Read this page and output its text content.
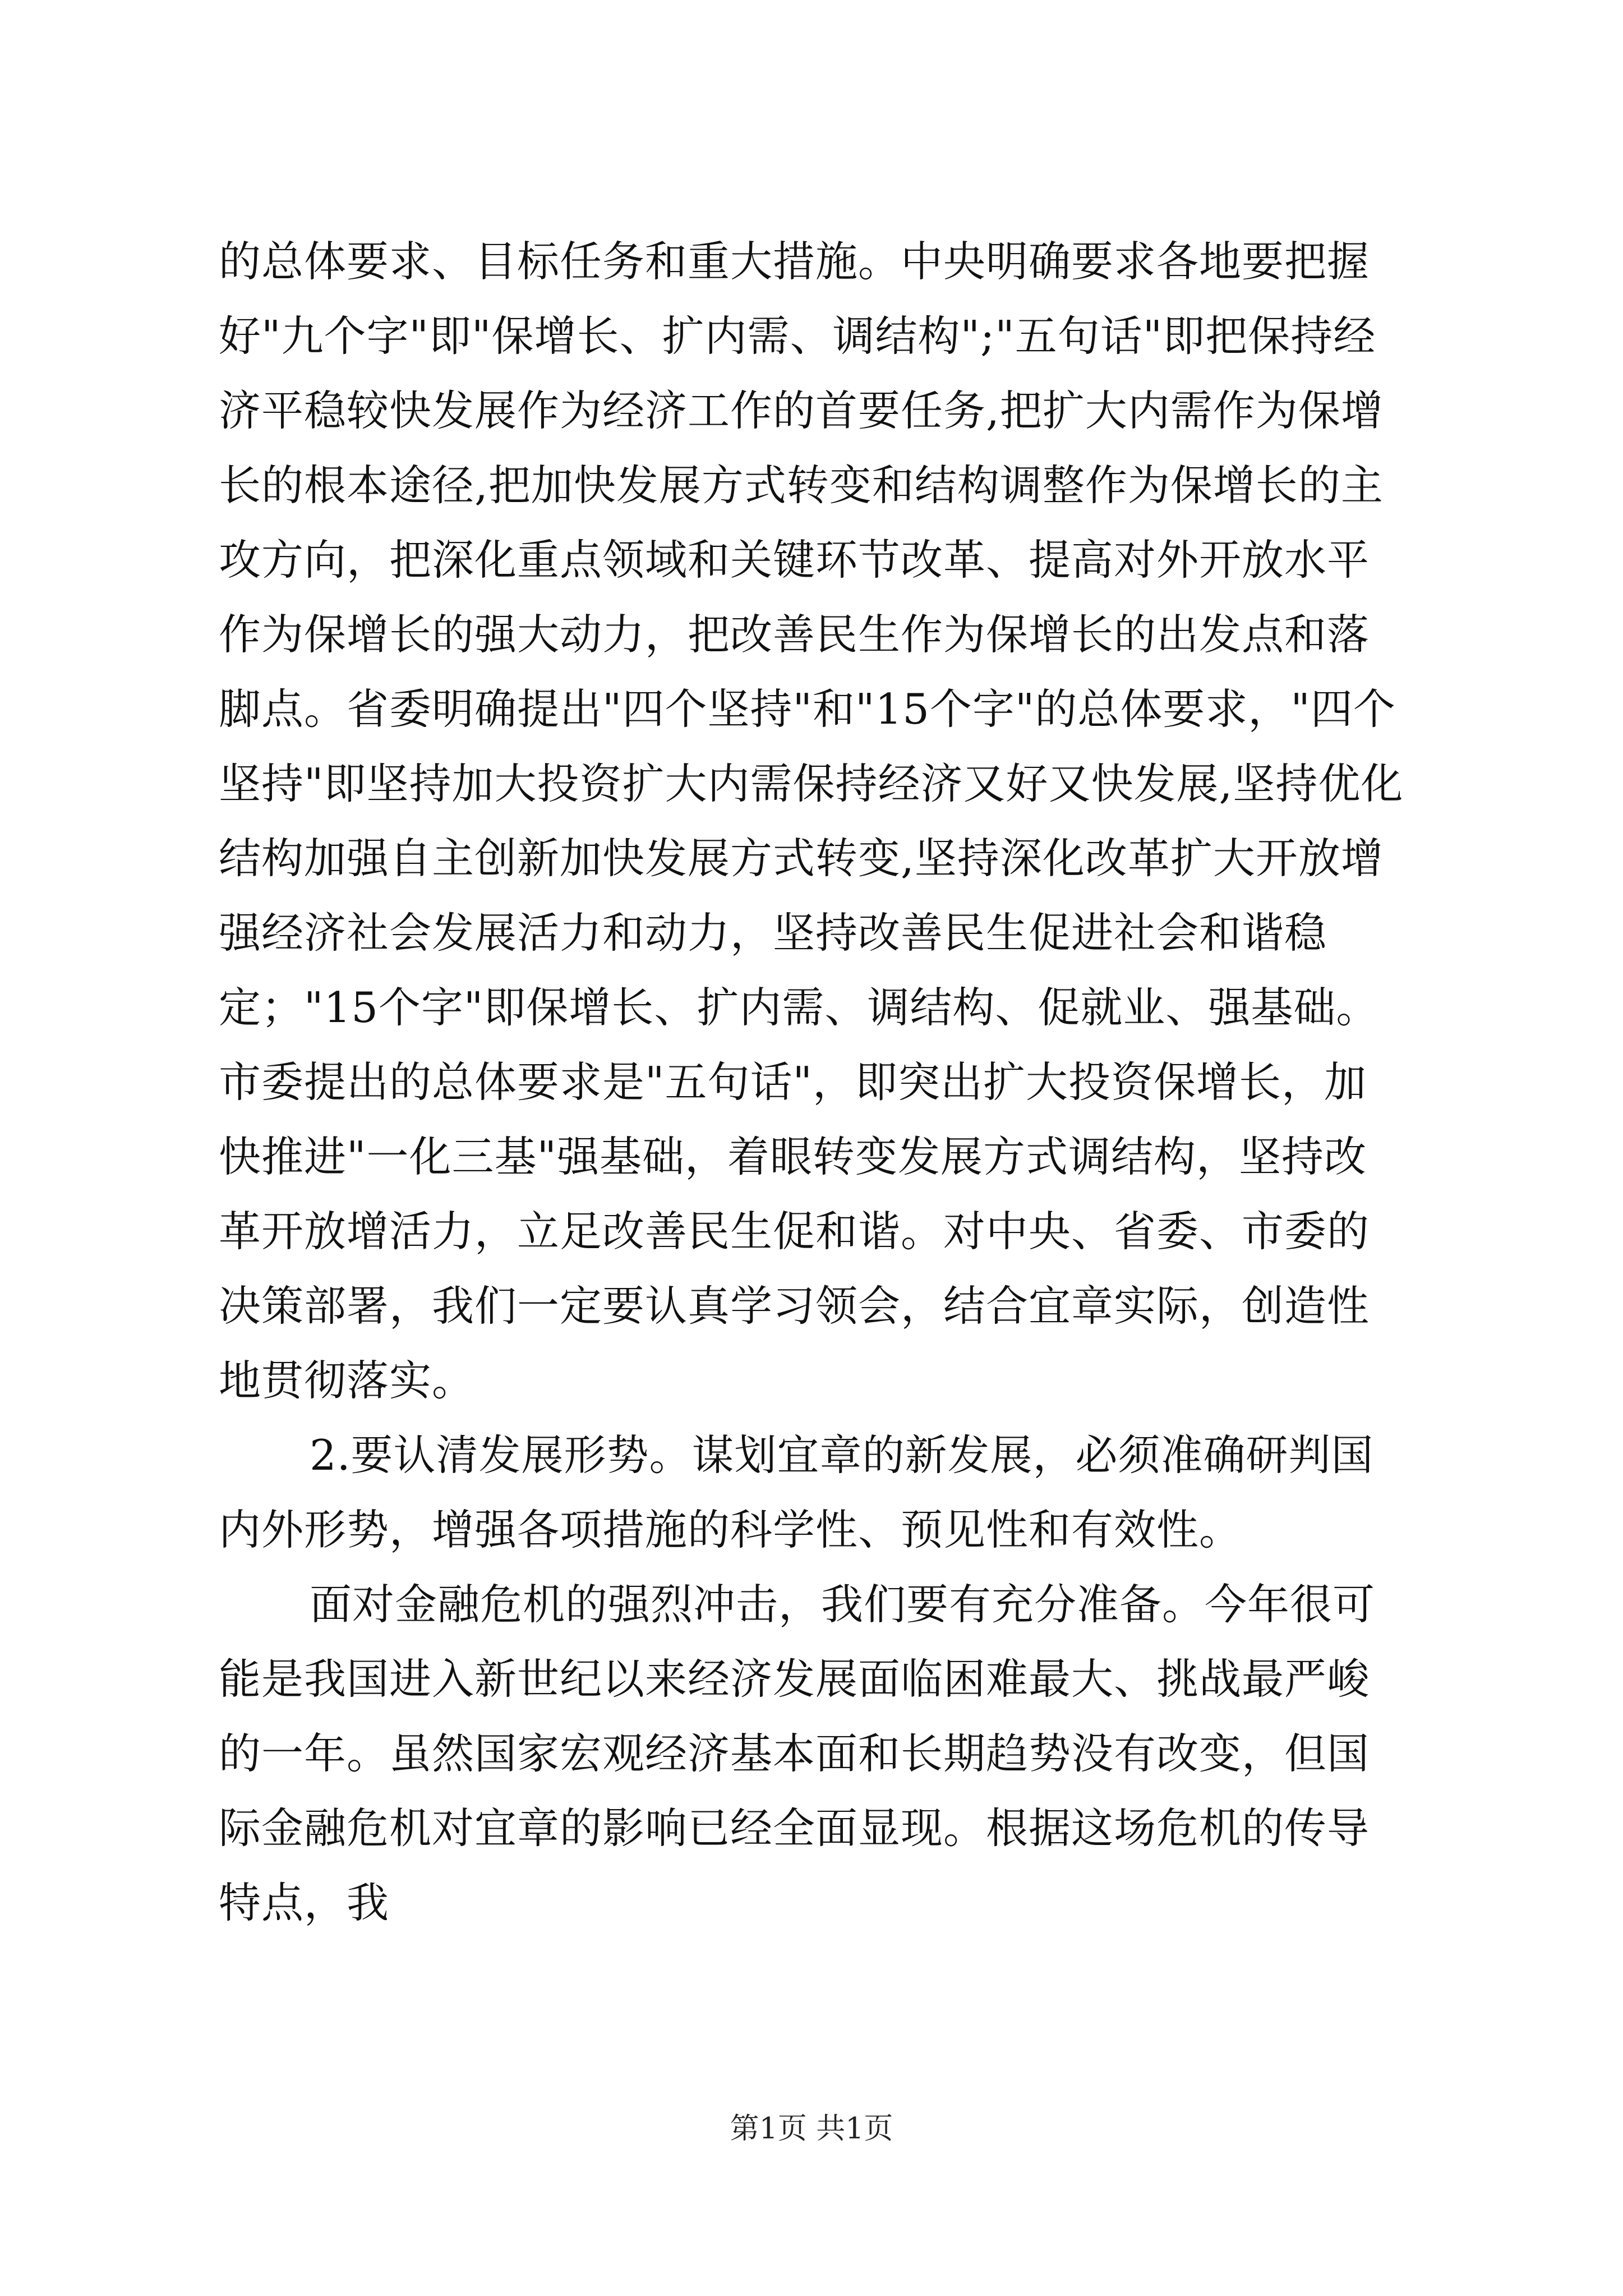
的总体要求、目标任务和重大措施。中央明确要求各地要把握好"九个字"即"保增长、扩内需、调结构";"五句话"即把保持经济平稳较快发展作为经济工作的首要任务,把扩大内需作为保增长的根本途径,把加快发展方式转变和结构调整作为保增长的主攻方向，把深化重点领域和关键环节改革、提高对外开放水平作为保增长的强大动力，把改善民生作为保增长的出发点和落脚点。省委明确提出"四个坚持"和"15个字"的总体要求，"四个坚持"即坚持加大投资扩大内需保持经济又好又快发展,坚持优化结构加强自主创新加快发展方式转变,坚持深化改革扩大开放增强经济社会发展活力和动力，坚持改善民生促进社会和谐稳定；"15个字"即保增长、扩内需、调结构、促就业、强基础。市委提出的总体要求是"五句话"，即突出扩大投资保增长，加快推进"一化三基"强基础，着眼转变发展方式调结构，坚持改革开放增活力，立足改善民生促和谐。对中央、省委、市委的决策部署，我们一定要认真学习领会，结合宜章实际，创造性地贯彻落实。

2.要认清发展形势。谋划宜章的新发展，必须准确研判国内外形势，增强各项措施的科学性、预见性和有效性。

面对金融危机的强烈冲击，我们要有充分准备。今年很可能是我国进入新世纪以来经济发展面临困难最大、挑战最严峻的一年。虽然国家宏观经济基本面和长期趋势没有改变，但国际金融危机对宜章的影响已经全面显现。根据这场危机的传导特点，我

第1页 共1页
